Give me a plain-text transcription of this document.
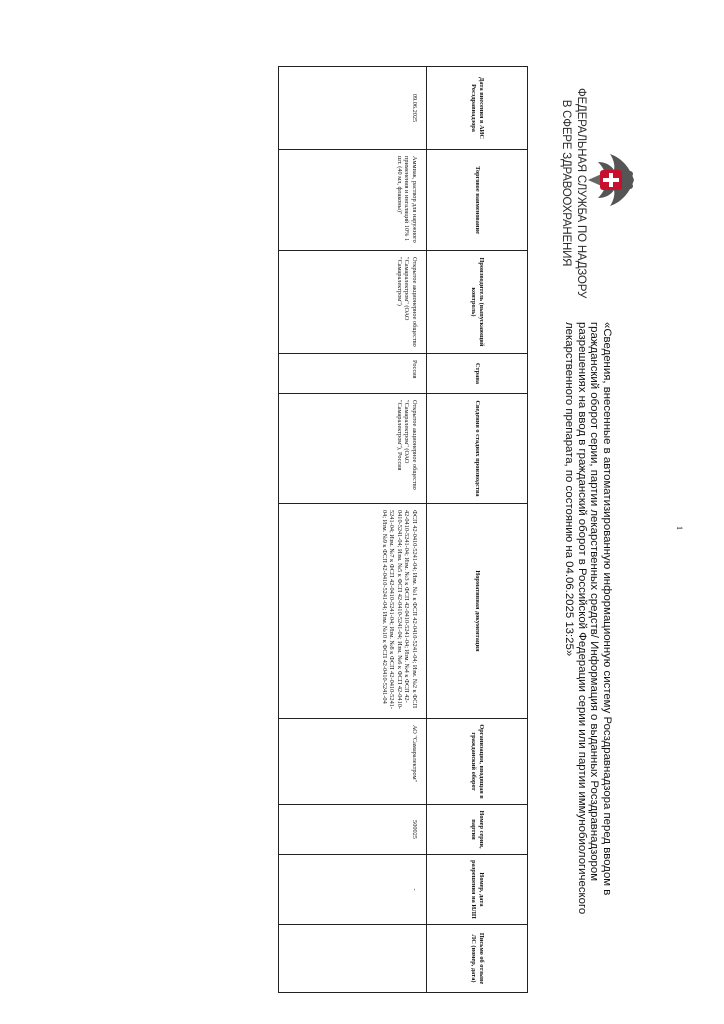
ФЕДЕРАЛЬНАЯ СЛУЖБА ПО НАДЗОРУ
В СФЕРЕ ЗДРАВООХРАНЕНИЯ
«Сведения, внесенные в автоматизированную информационную систему Росздравнадзора перед вводом в гражданский оборот серии, партии лекарственных средств/ Информация о выданных Росздравнадзором разрешениях на ввод в гражданский оборот в Российской Федерации серии или партии иммунобиологического лекарственного препарата, по состоянию на 04.06.2025 13:25»
Дата внесения в АИС Росздравнадзора	Торговое наименование	Производитель (выпускающий контроль)	Страна	Сведения о стадиях производства	Нормативная документация	Организация, вводящая в гражданский оборот	Номер серии, партии	Номер, дата разрешения на ИЛП	Письмо об отзыве ЛС (номер, дата)
09.06.2025	Аммиак, раствор для наружного применения и ингаляций 10% 1 шт. (40 мл, флаконы)"	Открытое акционерное общество "Самаралектром" (ОАО "Самаралектром")	Россия	Открытое акционерное общество "Самаралектром" (ОАО "Самаралектром"), Россия	ФСП 42-0410-5241-04; Изм. №1 к ФСП 42-0410-5241-04; Изм. №2 к ФСП 42-0410-5241-04; Изм. №3 к ФСП 42-0410-5241-04; Изм. №4 к ФСП 42-0410-5241-04; Изм. №5 к ФСП 42-0410-5241-04; Изм. №6 к ФСП 42-0410-5241-04; Изм. №7 к ФСП 42-0410-5241-04; Изм. №8 к ФСП 42-0410-5241-04; Изм. №9 к ФСП 42-0410-5241-04; Изм. №10 к ФСП 42-0410-5241-04	АО "Самаралектром"	500025	-	
1
